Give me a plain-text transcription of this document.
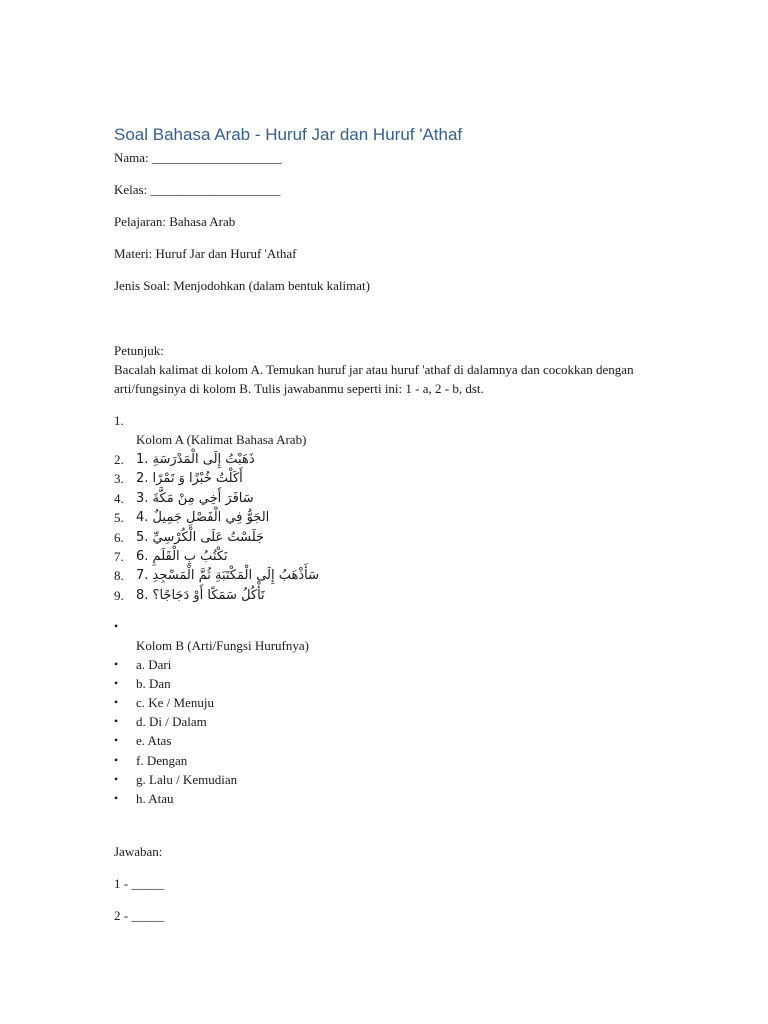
Soal Bahasa Arab - Huruf Jar dan Huruf 'Athaf
Nama: ____________________
Kelas: ____________________
Pelajaran: Bahasa Arab
Materi: Huruf Jar dan Huruf 'Athaf
Jenis Soal: Menjodohkan (dalam bentuk kalimat)
Petunjuk:
Bacalah kalimat di kolom A. Temukan huruf jar atau huruf 'athaf di dalamnya dan cocokkan dengan arti/fungsinya di kolom B. Tulis jawabanmu seperti ini: 1 - a, 2 - b, dst.
1.
Kolom A (Kalimat Bahasa Arab)
2. 1. ذَهَبْتُ إِلَى الْمَدْرَسَةِ
3. 2. أَكَلْتُ خُبْزًا وَ تَمْرًا
4. 3. سَافَرَ أَخِي مِنْ مَكَّةَ
5. 4. الجَوُّ فِي الْفَصْلِ جَمِيلٌ
6. 5. جَلَسْتُ عَلَى الْكُرْسِيِّ
7. 6. نَكْتُبُ بِ الْقَلَمِ
8. 7. سَأَذْهَبُ إِلَى الْمَكْتَبَةِ ثُمَّ الْمَسْجِدِ
9. 8. تَأْكُلُ سَمَكًا أَوْ دَجَاجًا؟
•
Kolom B (Arti/Fungsi Hurufnya)
•	a. Dari
•	b. Dan
•	c. Ke / Menuju
•	d. Di / Dalam
•	e. Atas
•	f. Dengan
•	g. Lalu / Kemudian
•	h. Atau
Jawaban:
1 - _____
2 - _____
